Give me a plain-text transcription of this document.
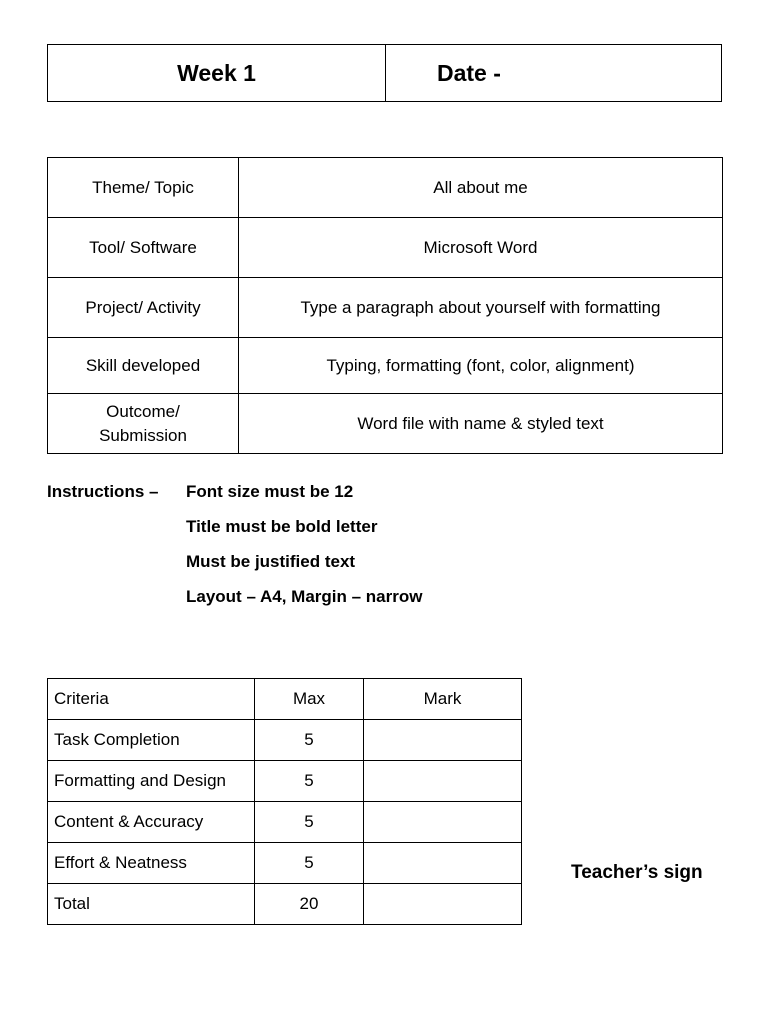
Week 1	Date -
Theme/ Topic	All about me
Tool/ Software	Microsoft Word
Project/ Activity	Type a paragraph about yourself with formatting
Skill developed	Typing, formatting (font, color, alignment)
Outcome/
Submission	Word file with name & styled text
Instructions – Font size must be 12
Title must be bold letter
Must be justified text
Layout – A4, Margin – narrow
Criteria	Max	Mark
Task Completion	5	
Formatting and Design	5	
Content & Accuracy	5	
Effort & Neatness	5	
Total	20	
Teacher’s sign
